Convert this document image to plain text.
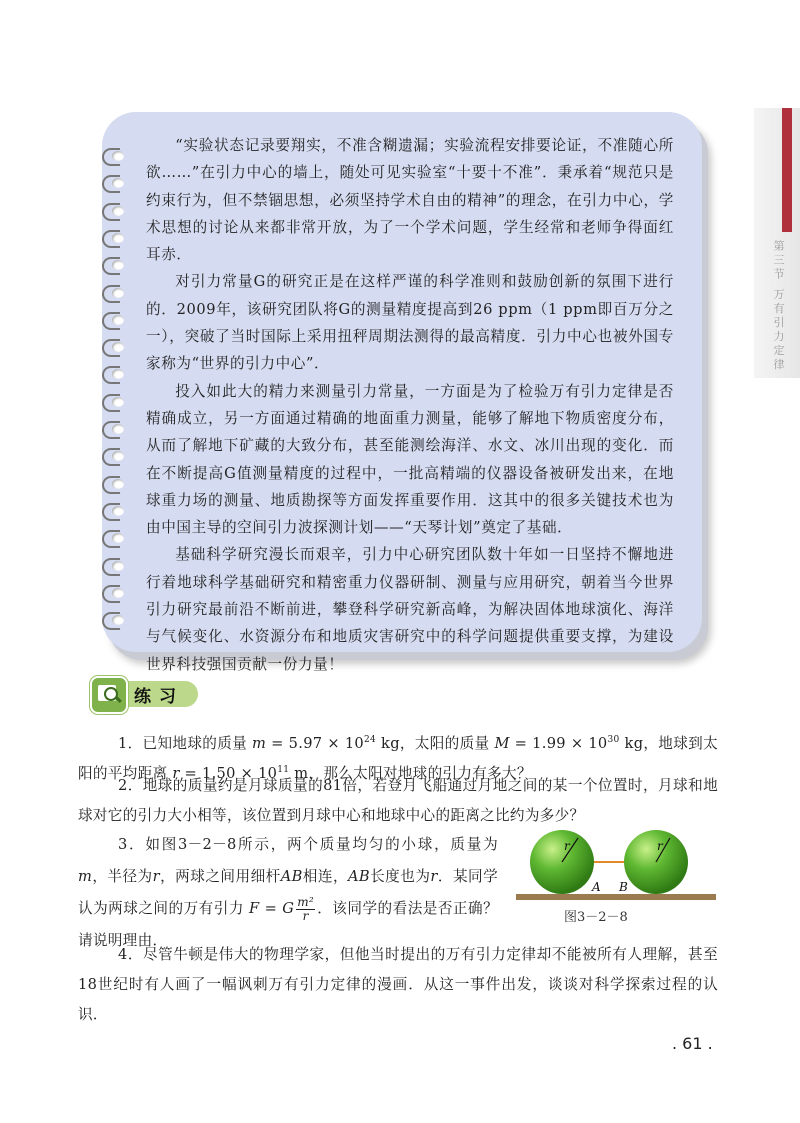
第三节 万有引力定律

“实验状态记录要翔实，不准含糊遗漏；实验流程安排要论证，不准随心所欲……”在引力中心的墙上，随处可见实验室“十要十不准”．秉承着“规范只是约束行为，但不禁锢思想，必须坚持学术自由的精神”的理念，在引力中心，学术思想的讨论从来都非常开放，为了一个学术问题，学生经常和老师争得面红耳赤．

对引力常量G的研究正是在这样严谨的科学准则和鼓励创新的氛围下进行的．2009年，该研究团队将G的测量精度提高到26 ppm（1 ppm即百万分之一），突破了当时国际上采用扭秤周期法测得的最高精度．引力中心也被外国专家称为“世界的引力中心”．

投入如此大的精力来测量引力常量，一方面是为了检验万有引力定律是否精确成立，另一方面通过精确的地面重力测量，能够了解地下物质密度分布，从而了解地下矿藏的大致分布，甚至能测绘海洋、水文、冰川出现的变化．而在不断提高G值测量精度的过程中，一批高精端的仪器设备被研发出来，在地球重力场的测量、地质勘探等方面发挥重要作用．这其中的很多关键技术也为由中国主导的空间引力波探测计划——“天琴计划”奠定了基础．

基础科学研究漫长而艰辛，引力中心研究团队数十年如一日坚持不懈地进行着地球科学基础研究和精密重力仪器研制、测量与应用研究，朝着当今世界引力研究最前沿不断前进，攀登科学研究新高峰，为解决固体地球演化、海洋与气候变化、水资源分布和地质灾害研究中的科学问题提供重要支撑，为建设世界科技强国贡献一份力量！

练习
1．已知地球的质量 $m = 5.97 \times 10^{24}$ kg，太阳的质量 $M = 1.99 \times 10^{30}$ kg，地球到太阳的平均距离 $r = 1.50 \times 10^{11}$ m，那么太阳对地球的引力有多大？
2．地球的质量约是月球质量的81倍，若登月飞船通过月地之间的某一个位置时，月球和地球对它的引力大小相等，该位置到月球中心和地球中心的距离之比约为多少？
3．如图3－2－8所示，两个质量均匀的小球，质量为m，半径为r，两球之间用细杆AB相连，AB长度也为r．某同学认为两球之间的万有引力 F = G $\frac{\text{m²}}{r}$ ．该同学的看法是否正确？请说明理由．
r	r
A B
图3－2－8
4．尽管牛顿是伟大的物理学家，但他当时提出的万有引力定律却不能被所有人理解，甚至18世纪时有人画了一幅讽刺万有引力定律的漫画．从这一事件出发，谈谈对科学探索过程的认识．
. 61 .
